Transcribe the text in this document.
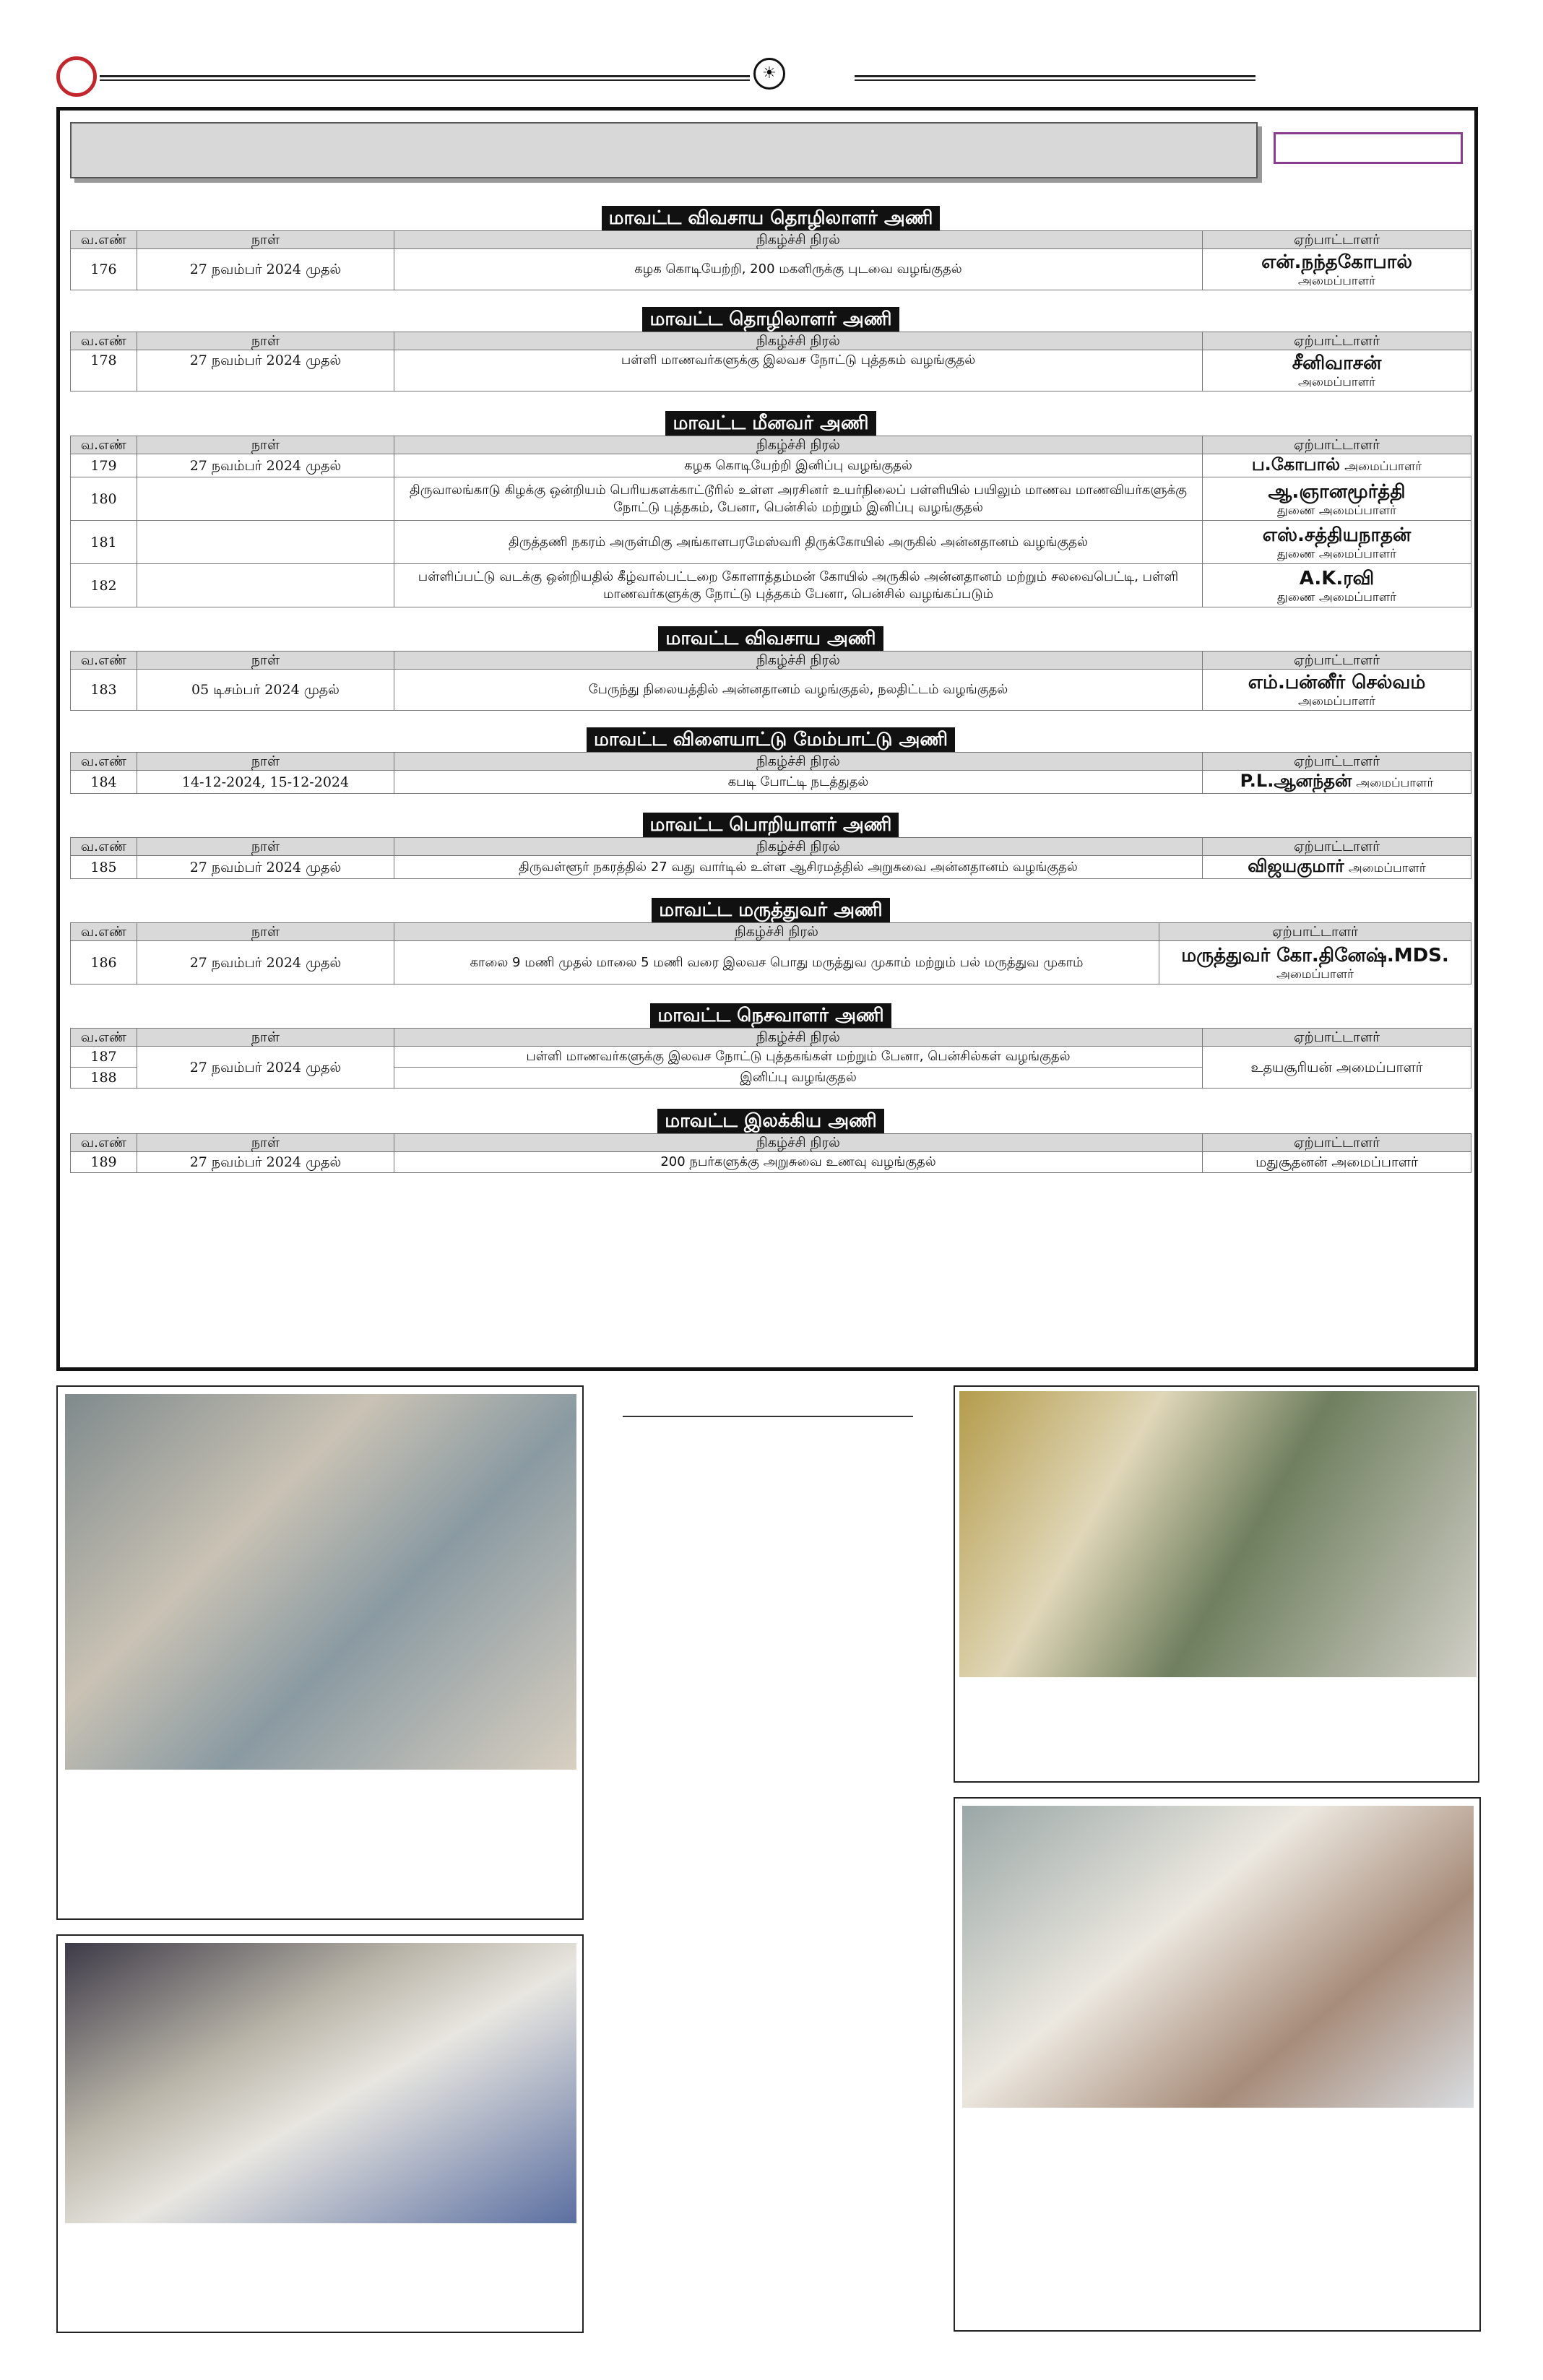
☀
மாவட்ட விவசாய தொழிலாளர் அணி
வ.எண்	நாள்	நிகழ்ச்சி நிரல்	ஏற்பாட்டாளர்
176	27 நவம்பர் 2024 முதல்	கழக கொடியேற்றி, 200 மகளிருக்கு புடவை வழங்குதல்	என்.நந்தகோபால்
அமைப்பாளர்
மாவட்ட தொழிலாளர் அணி
வ.எண்	நாள்	நிகழ்ச்சி நிரல்	ஏற்பாட்டாளர்
178	27 நவம்பர் 2024 முதல்	பள்ளி மாணவர்களுக்கு இலவச நோட்டு புத்தகம் வழங்குதல்	சீனிவாசன்
அமைப்பாளர்
மாவட்ட மீனவர் அணி
வ.எண்	நாள்	நிகழ்ச்சி நிரல்	ஏற்பாட்டாளர்
179	27 நவம்பர் 2024 முதல்	கழக கொடியேற்றி இனிப்பு வழங்குதல்	ப.கோபால் அமைப்பாளர்
180		திருவாலங்காடு கிழக்கு ஒன்றியம் பெரியகளக்காட்டூரில் உள்ள அரசினர் உயர்நிலைப் பள்ளியில் பயிலும் மாணவ மாணவியர்களுக்கு நோட்டு புத்தகம், பேனா, பென்சில் மற்றும் இனிப்பு வழங்குதல்	ஆ.ஞானமூர்த்தி
துணை அமைப்பாளர்

181		திருத்தணி நகரம் அருள்மிகு அங்காளபரமேஸ்வரி திருக்கோயில் அருகில் அன்னதானம் வழங்குதல்	எஸ்.சத்தியநாதன்
துணை அமைப்பாளர்

182		பள்ளிப்பட்டு வடக்கு ஒன்றியதில் கீழ்வால்பட்டறை கோளாத்தம்மன் கோயில் அருகில் அன்னதானம் மற்றும் சலவைபெட்டி, பள்ளி மாணவர்களுக்கு நோட்டு புத்தகம் பேனா, பென்சில் வழங்கப்படும்	A.K.ரவி
துணை அமைப்பாளர்
மாவட்ட விவசாய அணி
வ.எண்	நாள்	நிகழ்ச்சி நிரல்	ஏற்பாட்டாளர்
183	05 டிசம்பர் 2024 முதல்	பேருந்து நிலையத்தில் அன்னதானம் வழங்குதல், நலதிட்டம் வழங்குதல்	எம்.பன்னீர் செல்வம்
அமைப்பாளர்
மாவட்ட விளையாட்டு மேம்பாட்டு அணி
வ.எண்	நாள்	நிகழ்ச்சி நிரல்	ஏற்பாட்டாளர்
184	14-12-2024, 15-12-2024	கபடி போட்டி நடத்துதல்	P.L.ஆனந்தன் அமைப்பாளர்
மாவட்ட பொறியாளர் அணி
வ.எண்	நாள்	நிகழ்ச்சி நிரல்	ஏற்பாட்டாளர்
185	27 நவம்பர் 2024 முதல்	திருவள்ளூர் நகரத்தில் 27 வது வார்டில் உள்ள ஆசிரமத்தில் அறுசுவை அன்னதானம் வழங்குதல்	விஜயகுமார் அமைப்பாளர்
மாவட்ட மருத்துவர் அணி
வ.எண்	நாள்	நிகழ்ச்சி நிரல்	ஏற்பாட்டாளர்
186	27 நவம்பர் 2024 முதல்	காலை 9 மணி முதல் மாலை 5 மணி வரை இலவச பொது மருத்துவ முகாம் மற்றும் பல் மருத்துவ முகாம்	மருத்துவர் கோ.தினேஷ்.MDS.
அமைப்பாளர்
மாவட்ட நெசவாளர் அணி
வ.எண்	நாள்	நிகழ்ச்சி நிரல்	ஏற்பாட்டாளர்
187	27 நவம்பர் 2024 முதல்	பள்ளி மாணவர்களுக்கு இலவச நோட்டு புத்தகங்கள் மற்றும் பேனா, பென்சில்கள் வழங்குதல்	உதயசூரியன் அமைப்பாளர்
188		இனிப்பு வழங்குதல்	
மாவட்ட இலக்கிய அணி
வ.எண்	நாள்	நிகழ்ச்சி நிரல்	ஏற்பாட்டாளர்
189	27 நவம்பர் 2024 முதல்	200 நபர்களுக்கு அறுசுவை உணவு வழங்குதல்	மதுசூதனன் அமைப்பாளர்
